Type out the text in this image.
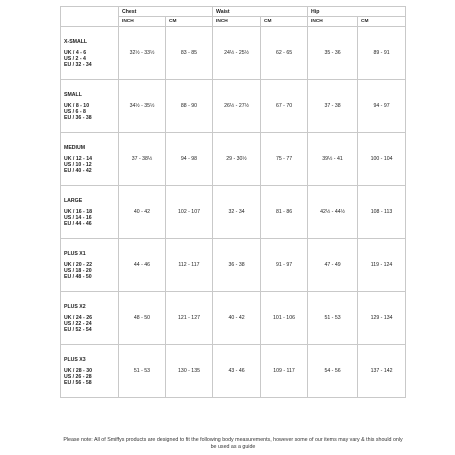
	Chest		Waist		Hip	
	INCH	CM	INCH	CM	INCH	CM

X-SMALL
UK / 4 - 6
US / 2 - 4
EU / 32 - 34	32½ - 33½	83 - 85	24½ - 25½	62 - 65	35 - 36	89 - 91

SMALL
UK / 8 - 10
US / 6 - 8
EU / 36 - 38	34½ - 35½	88 - 90	26½ - 27½	67 - 70	37 - 38	94 - 97

MEDIUM
UK / 12 - 14
US / 10 - 12
EU / 40 - 42	37 - 38½	94 - 98	29 - 30½	75 - 77	39½ - 41	100 - 104

LARGE
UK / 16 - 18
US / 14 - 16
EU / 44 - 46	40 - 42	102 - 107	32 - 34	81 - 86	42½ - 44½	108 - 113

PLUS X1
UK / 20 - 22
US / 18 - 20
EU / 48 - 50	44 - 46	112 - 117	36 - 38	91 - 97	47 - 49	119 - 124

PLUS X2
UK / 24 - 26
US / 22 - 24
EU / 52 - 54	48 - 50	121 - 127	40 - 42	101 - 106	51 - 53	129 - 134

PLUS X3
UK / 28 - 30
US / 26 - 28
EU / 56 - 58	51 - 53	130 - 135	43 - 46	109 - 117	54 - 56	137 - 142
Please note: All of Smiffys products are designed to fit the following body measurements, however some of our items may vary & this should only be used as a guide
